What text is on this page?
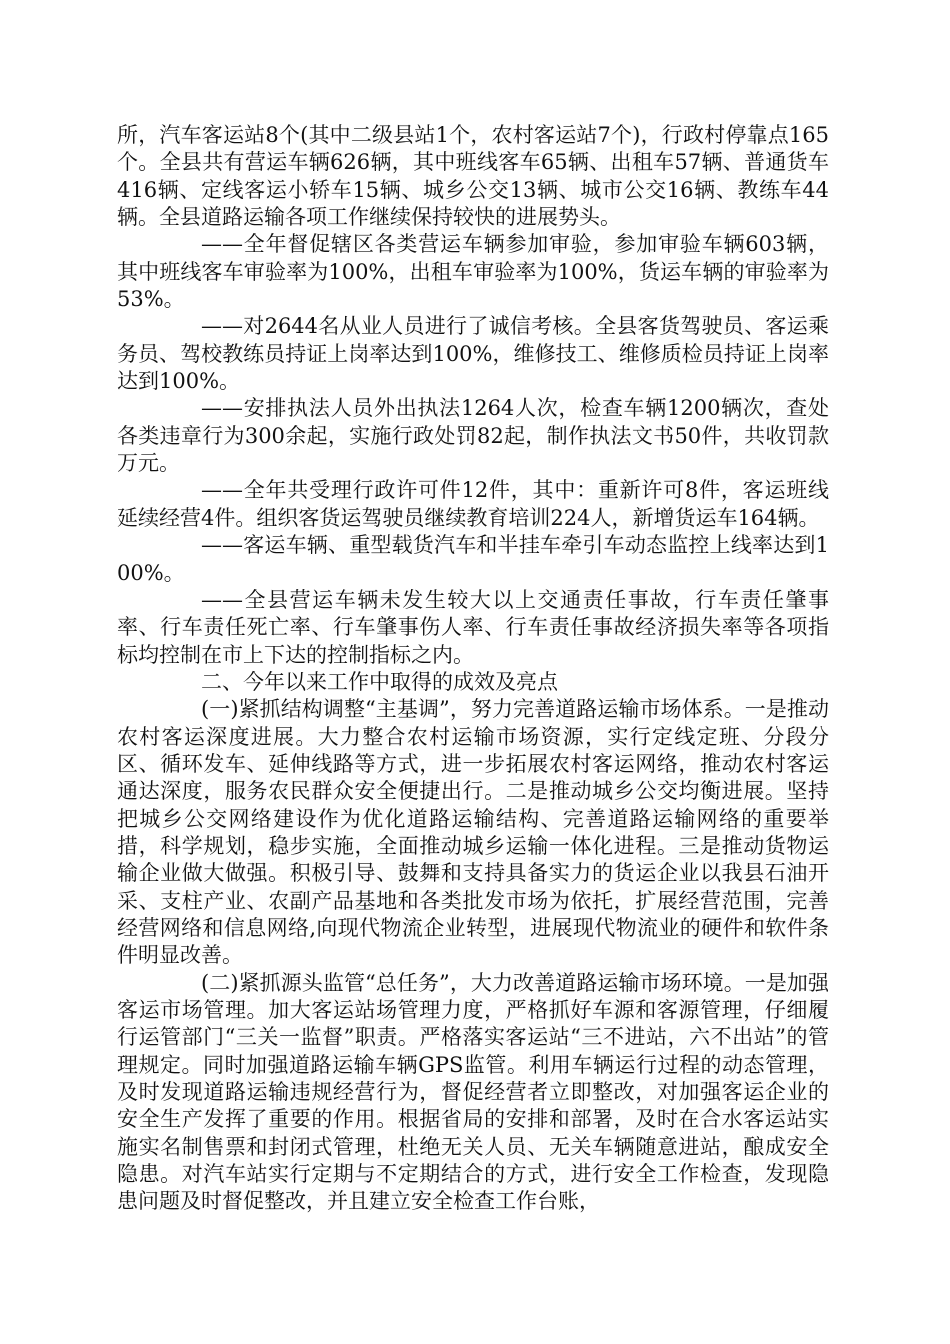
所，汽车客运站8个(其中二级县站1个，农村客运站7个)，行政村停靠点165个。全县共有营运车辆626辆，其中班线客车65辆、出租车57辆、普通货车416辆、定线客运小轿车15辆、城乡公交13辆、城市公交16辆、教练车44辆。全县道路运输各项工作继续保持较快的进展势头。

——全年督促辖区各类营运车辆参加审验，参加审验车辆603辆，其中班线客车审验率为100%，出租车审验率为100%，货运车辆的审验率为53%。

——对2644名从业人员进行了诚信考核。全县客货驾驶员、客运乘务员、驾校教练员持证上岗率达到100%，维修技工、维修质检员持证上岗率达到100%。

——安排执法人员外出执法1264人次，检查车辆1200辆次，查处各类违章行为300余起，实施行政处罚82起，制作执法文书50件，共收罚款万元。

——全年共受理行政许可件12件，其中：重新许可8件，客运班线延续经营4件。组织客货运驾驶员继续教育培训224人，新增货运车164辆。

——客运车辆、重型载货汽车和半挂车牵引车动态监控上线率达到100%。

——全县营运车辆未发生较大以上交通责任事故，行车责任肇事率、行车责任死亡率、行车肇事伤人率、行车责任事故经济损失率等各项指标均控制在市上下达的控制指标之内。

二、今年以来工作中取得的成效及亮点

(一)紧抓结构调整“主基调”，努力完善道路运输市场体系。一是推动农村客运深度进展。大力整合农村运输市场资源，实行定线定班、分段分区、循环发车、延伸线路等方式，进一步拓展农村客运网络，推动农村客运通达深度，服务农民群众安全便捷出行。二是推动城乡公交均衡进展。坚持把城乡公交网络建设作为优化道路运输结构、完善道路运输网络的重要举措，科学规划，稳步实施，全面推动城乡运输一体化进程。三是推动货物运输企业做大做强。积极引导、鼓舞和支持具备实力的货运企业以我县石油开采、支柱产业、农副产品基地和各类批发市场为依托，扩展经营范围，完善经营网络和信息网络,向现代物流企业转型，进展现代物流业的硬件和软件条件明显改善。

(二)紧抓源头监管“总任务”，大力改善道路运输市场环境。一是加强客运市场管理。加大客运站场管理力度，严格抓好车源和客源管理，仔细履行运管部门“三关一监督”职责。严格落实客运站“三不进站，六不出站”的管理规定。同时加强道路运输车辆GPS监管。利用车辆运行过程的动态管理，及时发现道路运输违规经营行为，督促经营者立即整改，对加强客运企业的安全生产发挥了重要的作用。根据省局的安排和部署，及时在合水客运站实施实名制售票和封闭式管理，杜绝无关人员、无关车辆随意进站，酿成安全隐患。对汽车站实行定期与不定期结合的方式，进行安全工作检查，发现隐患问题及时督促整改，并且建立安全检查工作台账，
